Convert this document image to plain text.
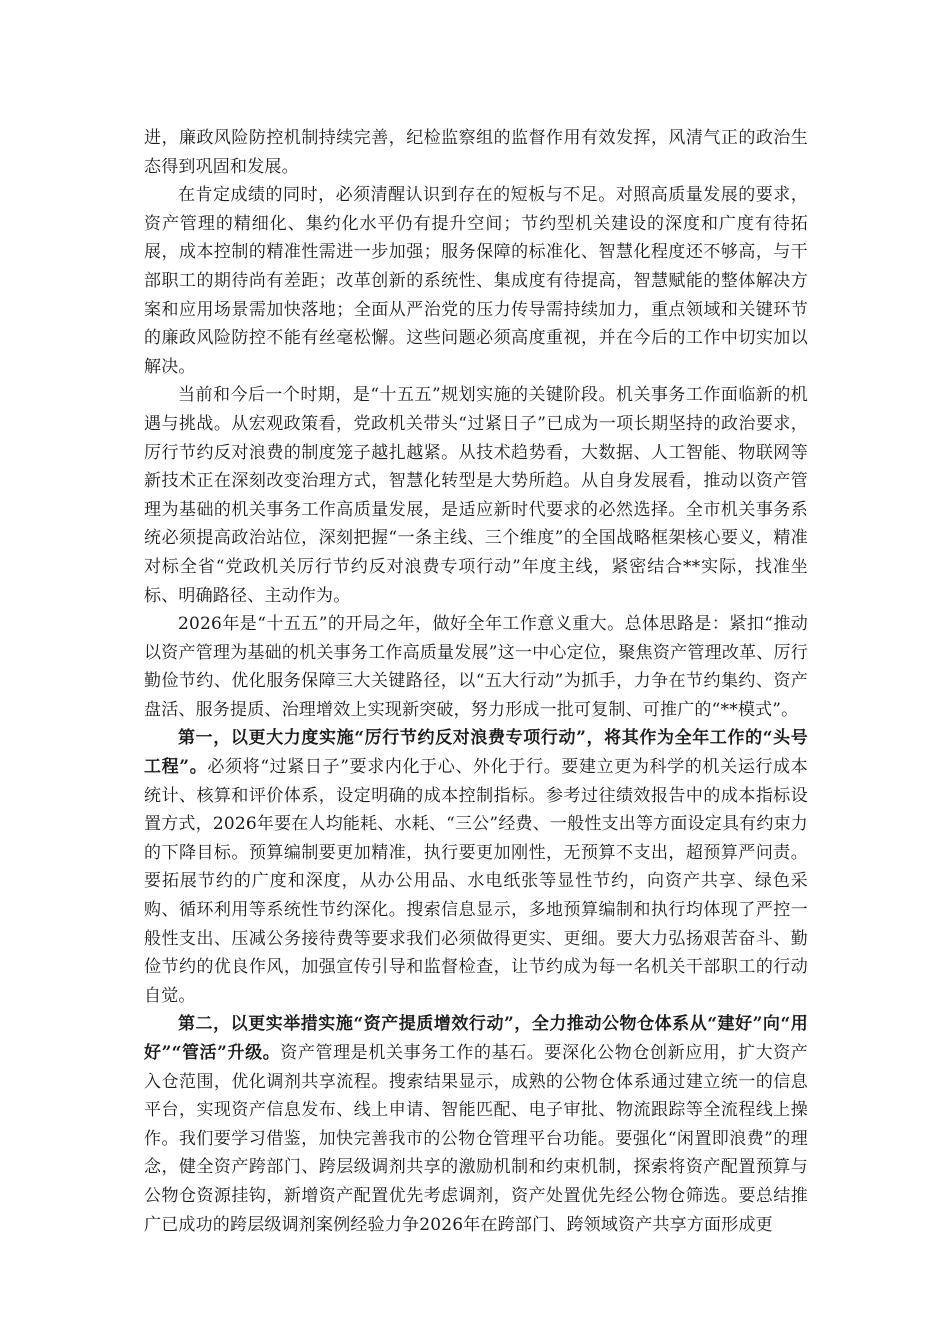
进，廉政风险防控机制持续完善，纪检监察组的监督作用有效发挥，风清气正的政治生态得到巩固和发展。

在肯定成绩的同时，必须清醒认识到存在的短板与不足。对照高质量发展的要求，资产管理的精细化、集约化水平仍有提升空间；节约型机关建设的深度和广度有待拓展，成本控制的精准性需进一步加强；服务保障的标准化、智慧化程度还不够高，与干部职工的期待尚有差距；改革创新的系统性、集成度有待提高，智慧赋能的整体解决方案和应用场景需加快落地；全面从严治党的压力传导需持续加力，重点领域和关键环节的廉政风险防控不能有丝毫松懈。这些问题必须高度重视，并在今后的工作中切实加以解决。

当前和今后一个时期，是“十五五”规划实施的关键阶段。机关事务工作面临新的机遇与挑战。从宏观政策看，党政机关带头“过紧日子”已成为一项长期坚持的政治要求，厉行节约反对浪费的制度笼子越扎越紧。从技术趋势看，大数据、人工智能、物联网等新技术正在深刻改变治理方式，智慧化转型是大势所趋。从自身发展看，推动以资产管理为基础的机关事务工作高质量发展，是适应新时代要求的必然选择。全市机关事务系统必须提高政治站位，深刻把握“一条主线、三个维度”的全国战略框架核心要义，精准对标全省“党政机关厉行节约反对浪费专项行动”年度主线，紧密结合**实际，找准坐标、明确路径、主动作为。

2026年是“十五五”的开局之年，做好全年工作意义重大。总体思路是：紧扣“推动以资产管理为基础的机关事务工作高质量发展”这一中心定位，聚焦资产管理改革、厉行勤俭节约、优化服务保障三大关键路径，以“五大行动”为抓手，力争在节约集约、资产盘活、服务提质、治理增效上实现新突破，努力形成一批可复制、可推广的“**模式”。

第一，以更大力度实施“厉行节约反对浪费专项行动”，将其作为全年工作的“头号工程”。必须将“过紧日子”要求内化于心、外化于行。要建立更为科学的机关运行成本统计、核算和评价体系，设定明确的成本控制指标。参考过往绩效报告中的成本指标设置方式，2026年要在人均能耗、水耗、“三公”经费、一般性支出等方面设定具有约束力的下降目标。预算编制要更加精准，执行要更加刚性，无预算不支出，超预算严问责。要拓展节约的广度和深度，从办公用品、水电纸张等显性节约，向资产共享、绿色采购、循环利用等系统性节约深化。搜索信息显示，多地预算编制和执行均体现了严控一般性支出、压减公务接待费等要求我们必须做得更实、更细。要大力弘扬艰苦奋斗、勤俭节约的优良作风，加强宣传引导和监督检查，让节约成为每一名机关干部职工的行动自觉。

第二，以更实举措实施“资产提质增效行动”，全力推动公物仓体系从“建好”向“用好”“管活”升级。资产管理是机关事务工作的基石。要深化公物仓创新应用，扩大资产入仓范围，优化调剂共享流程。搜索结果显示，成熟的公物仓体系通过建立统一的信息平台，实现资产信息发布、线上申请、智能匹配、电子审批、物流跟踪等全流程线上操作。我们要学习借鉴，加快完善我市的公物仓管理平台功能。要强化“闲置即浪费”的理念，健全资产跨部门、跨层级调剂共享的激励机制和约束机制，探索将资产配置预算与公物仓资源挂钩，新增资产配置优先考虑调剂，资产处置优先经公物仓筛选。要总结推广已成功的跨层级调剂案例经验力争2026年在跨部门、跨领域资产共享方面形成更
